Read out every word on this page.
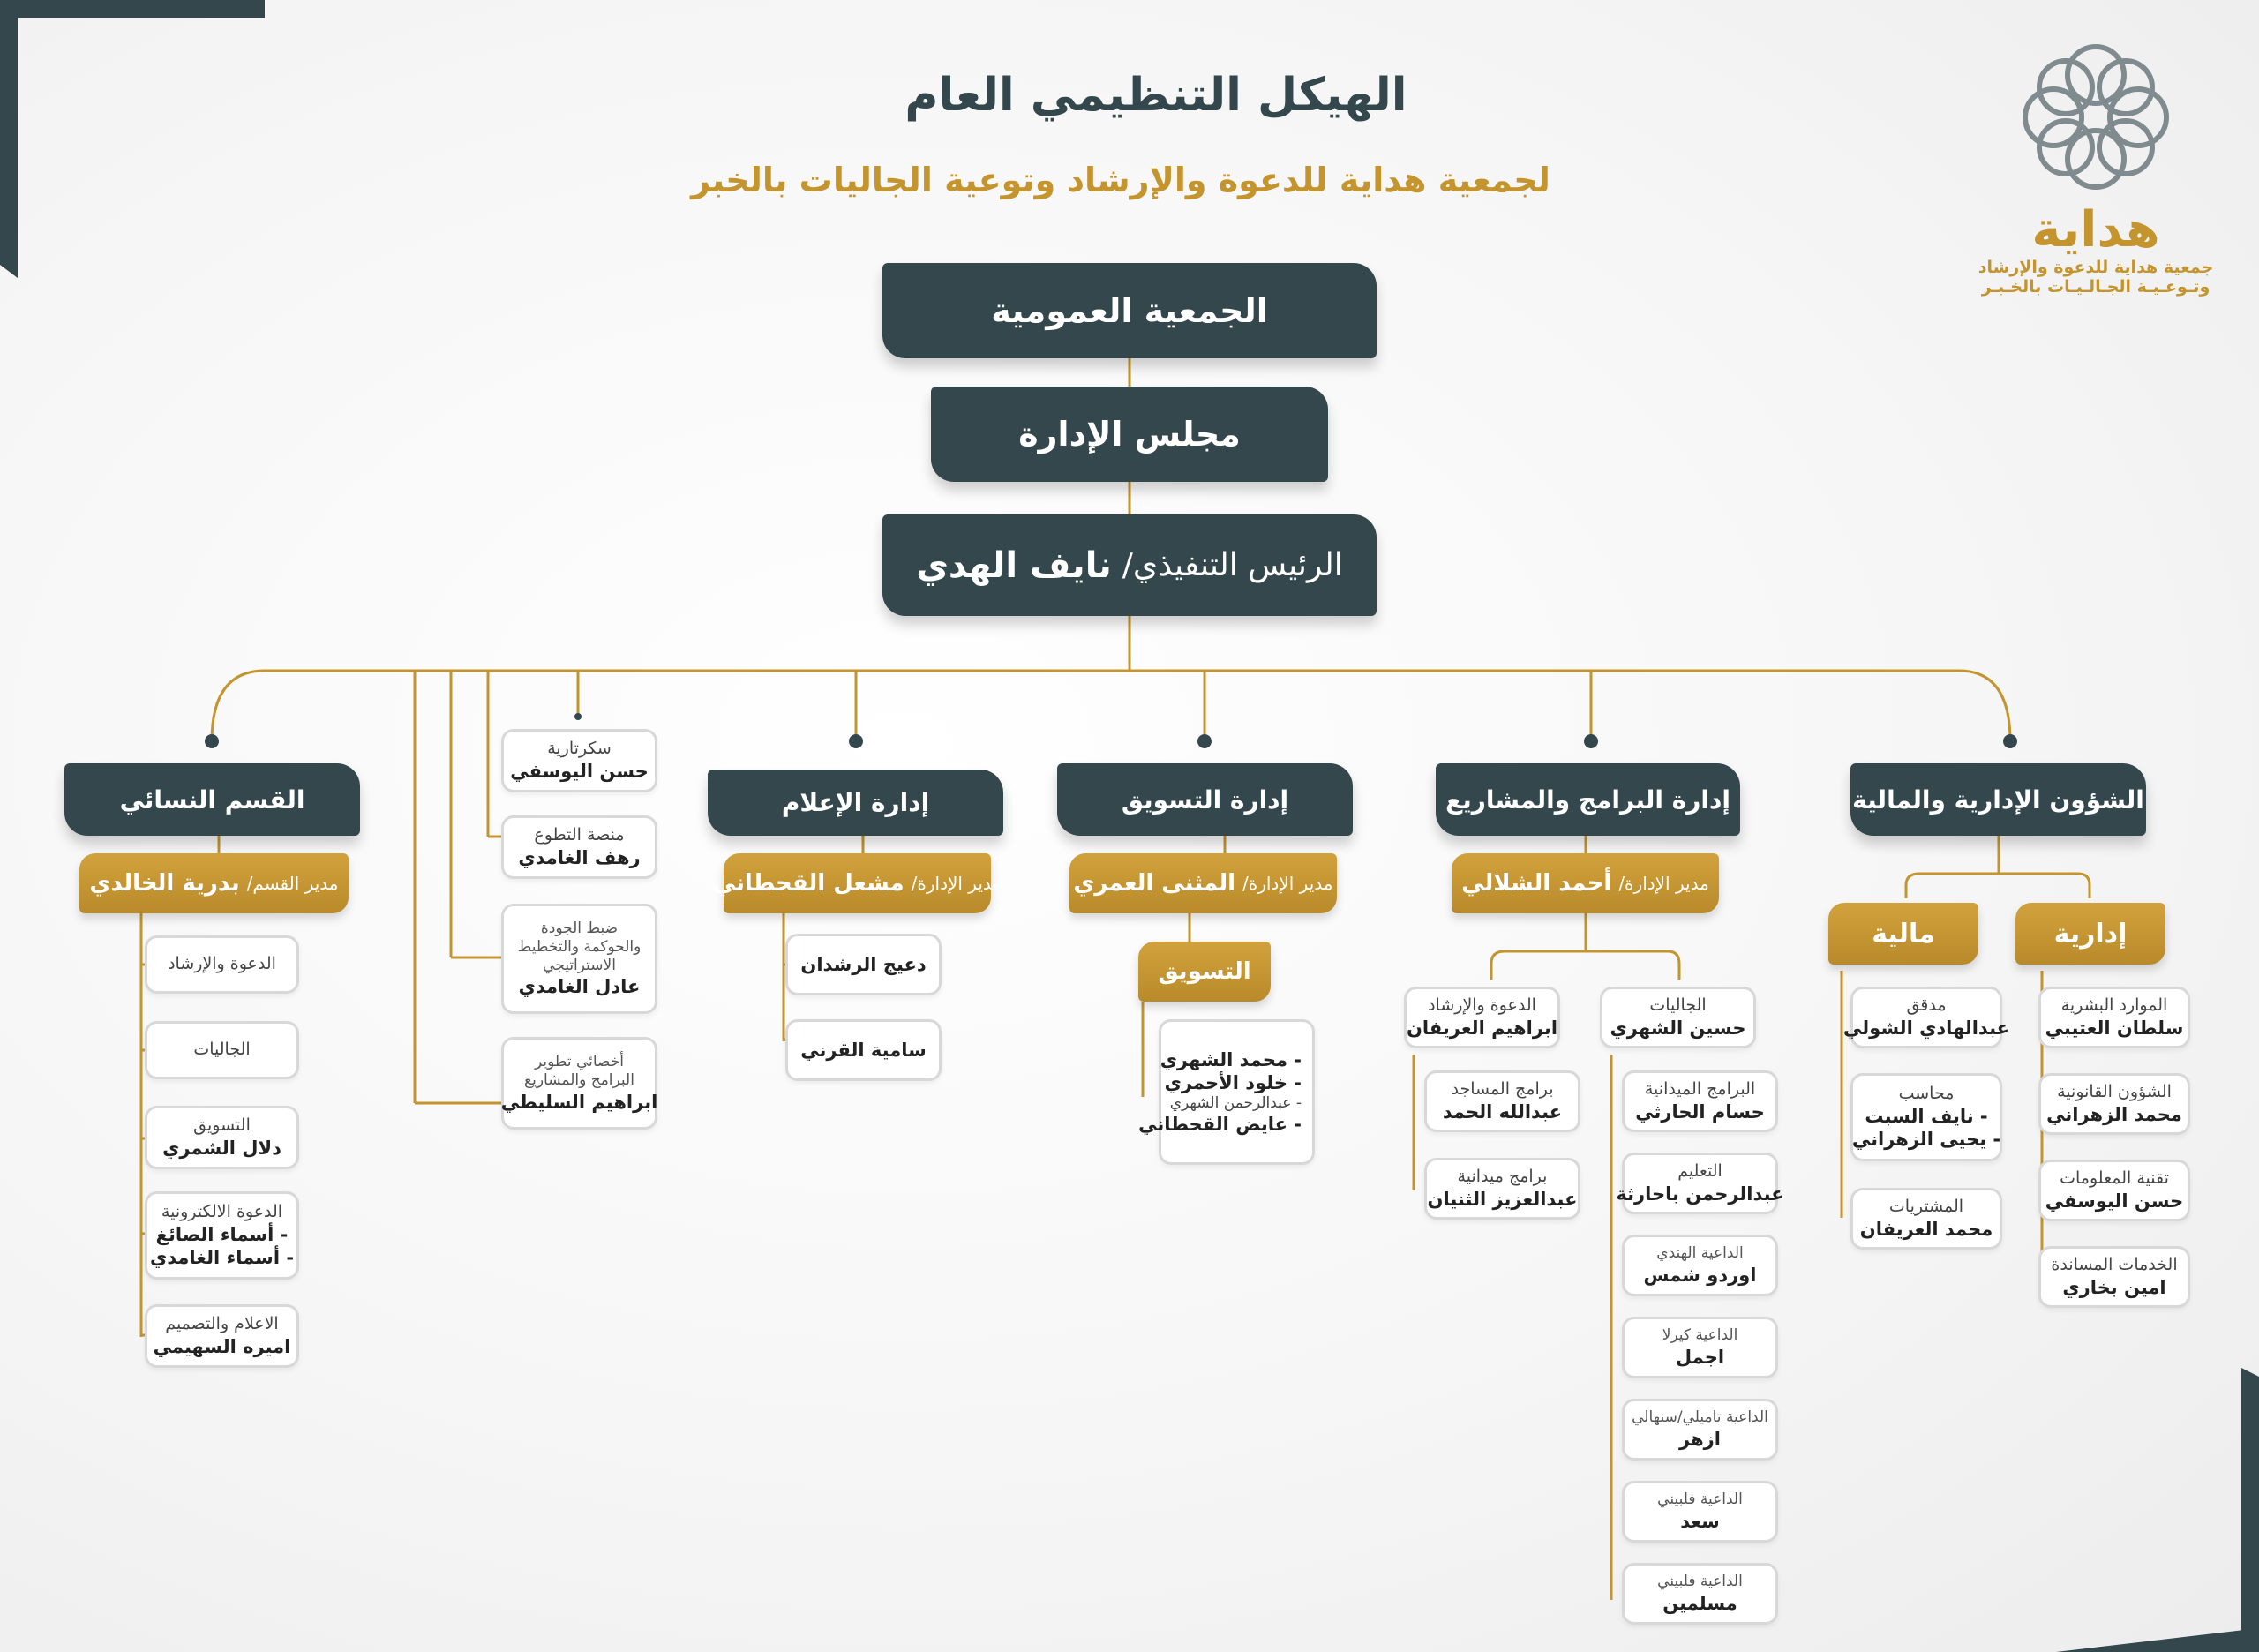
الهيكل التنظيمي العام
لجمعية هداية للدعوة والإرشاد وتوعية الجاليات بالخبر
هداية
جمعية هداية للدعوة والإرشاد
وتـوعـيـة الجـالـيـات بالخـبـر
الجمعية العمومية
مجلس الإدارة
الرئيس التنفيذي/
نايف الهدي
الشؤون الإدارية والمالية
إدارة البرامج والمشاريع
إدارة التسويق
إدارة الإعلام
القسم النسائي
مدير الإدارة/
أحمد الشلالي
مدير الإدارة/
المثنى العمري
مدير الإدارة/
مشعل القحطاني
مدير القسم/
بدرية الخالدي
التسويق
إدارية
مالية
الموارد البشرية
سلطان العتيبي
الشؤون القانونية
محمد الزهراني
تقنية المعلومات
حسن اليوسفي
الخدمات المساندة
امين بخاري
مدقق
عبدالهادي الشولي
محاسب
- نايف السبت
- يحيى الزهراني
المشتريات
محمد العريفان
الجاليات
حسين الشهري
الدعوة والإرشاد
ابراهيم العريفان
البرامج الميدانية
حسام الحارثي
التعليم
عبدالرحمن باحارثة
الداعية الهندي
اوردو شمس
الداعية كيرلا
اجمل
الداعية تاميلي/سنهالي
ازهر
الداعية فلبيني
سعد
الداعية فلبيني
مسلمين
برامج المساجد
عبدالله الحمد
برامج ميدانية
عبدالعزيز الثنيان
- محمد الشهري
- خلود الأحمري
- عبدالرحمن الشهري
- عايض القحطاني
دعيج الرشدان
سامية القرني
سكرتارية
حسن اليوسفي
منصة التطوع
رهف الغامدي
ضبط الجودة والحوكمة والتخطيط الاستراتيجي
عادل الغامدي
أخصائي تطوير البرامج والمشاريع
ابراهيم السليطي
الدعوة والإرشاد
الجاليات
التسويق
دلال الشمري
الدعوة الالكترونية
- أسماء الصائغ
- أسماء الغامدي
الاعلام والتصميم
اميره السهيمي
